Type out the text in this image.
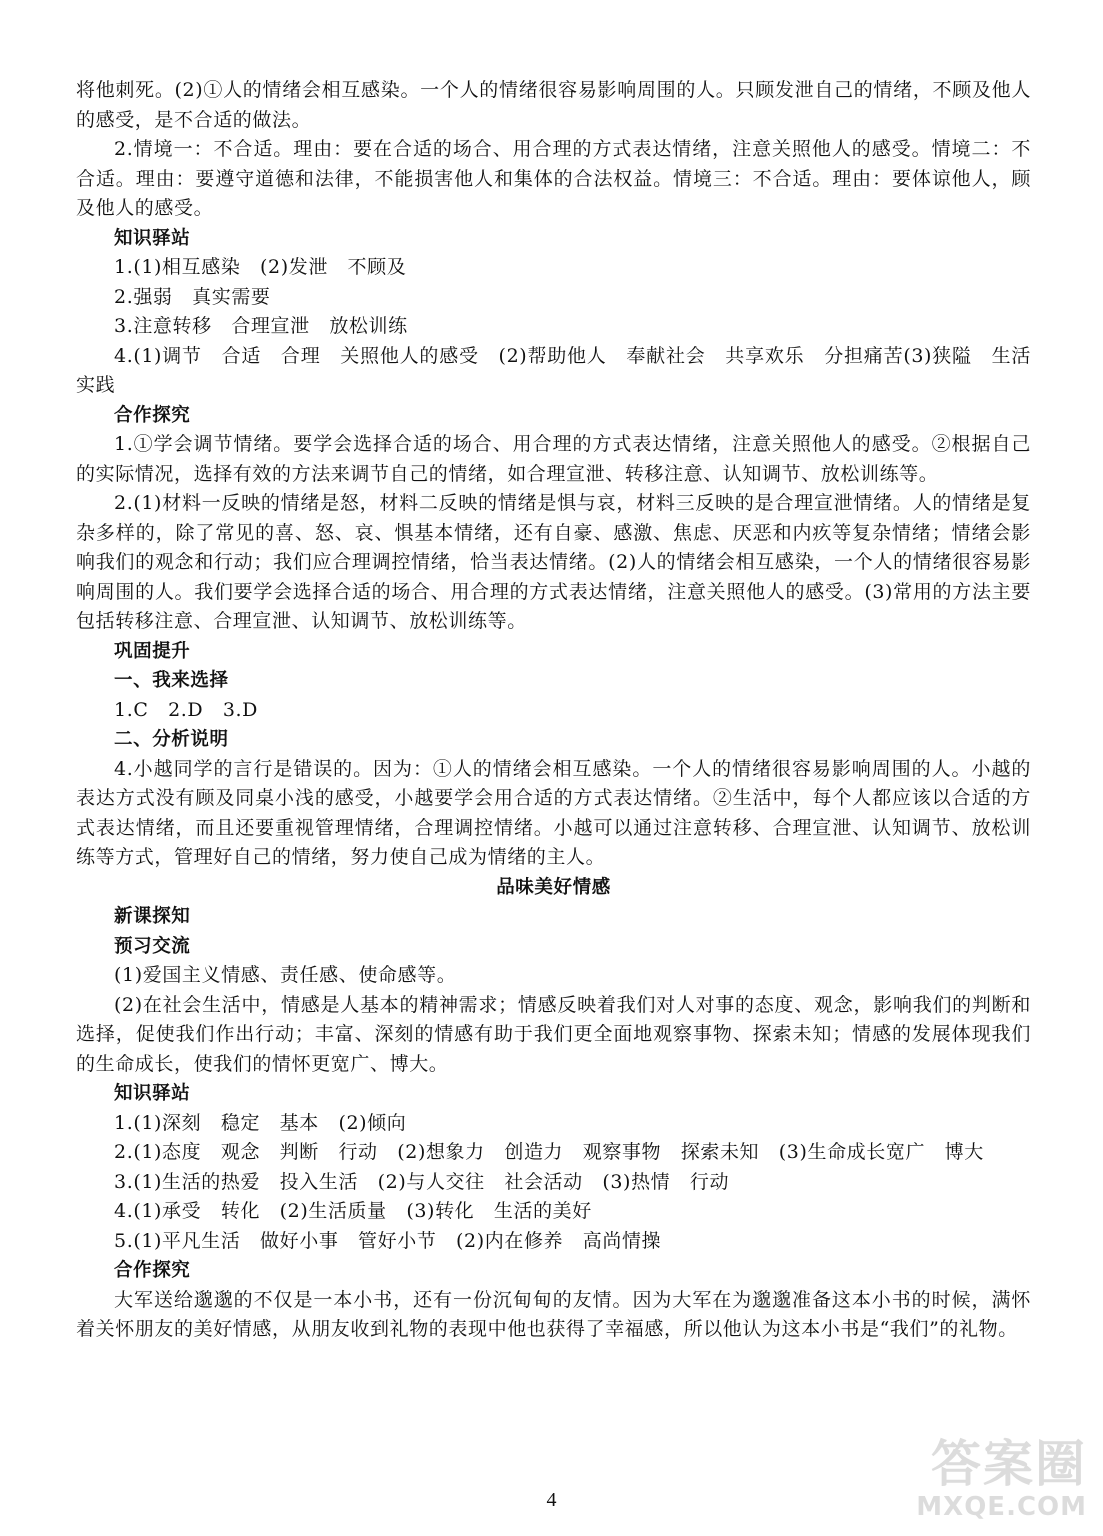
将他刺死。(2)①人的情绪会相互感染。一个人的情绪很容易影响周围的人。只顾发泄自己的情绪，不顾及他人的感受，是不合适的做法。

2.情境一：不合适。理由：要在合适的场合、用合理的方式表达情绪，注意关照他人的感受。情境二：不合适。理由：要遵守道德和法律，不能损害他人和集体的合法权益。情境三：不合适。理由：要体谅他人，顾及他人的感受。

知识驿站

1.(1)相互感染　(2)发泄　不顾及

2.强弱　真实需要

3.注意转移　合理宣泄　放松训练

4.(1)调节　合适　合理　关照他人的感受　(2)帮助他人　奉献社会　共享欢乐　分担痛苦(3)狭隘　生活实践

合作探究

1.①学会调节情绪。要学会选择合适的场合、用合理的方式表达情绪，注意关照他人的感受。②根据自己的实际情况，选择有效的方法来调节自己的情绪，如合理宣泄、转移注意、认知调节、放松训练等。

2.(1)材料一反映的情绪是怒，材料二反映的情绪是惧与哀，材料三反映的是合理宣泄情绪。人的情绪是复杂多样的，除了常见的喜、怒、哀、惧基本情绪，还有自豪、感激、焦虑、厌恶和内疚等复杂情绪；情绪会影响我们的观念和行动；我们应合理调控情绪，恰当表达情绪。(2)人的情绪会相互感染，一个人的情绪很容易影响周围的人。我们要学会选择合适的场合、用合理的方式表达情绪，注意关照他人的感受。(3)常用的方法主要包括转移注意、合理宣泄、认知调节、放松训练等。

巩固提升

一、我来选择

1.C　2.D　3.D

二、分析说明

4.小越同学的言行是错误的。因为：①人的情绪会相互感染。一个人的情绪很容易影响周围的人。小越的表达方式没有顾及同桌小浅的感受，小越要学会用合适的方式表达情绪。②生活中，每个人都应该以合适的方式表达情绪，而且还要重视管理情绪，合理调控情绪。小越可以通过注意转移、合理宣泄、认知调节、放松训练等方式，管理好自己的情绪，努力使自己成为情绪的主人。

品味美好情感

新课探知

预习交流

(1)爱国主义情感、责任感、使命感等。

(2)在社会生活中，情感是人基本的精神需求；情感反映着我们对人对事的态度、观念，影响我们的判断和选择，促使我们作出行动；丰富、深刻的情感有助于我们更全面地观察事物、探索未知；情感的发展体现我们的生命成长，使我们的情怀更宽广、博大。

知识驿站

1.(1)深刻　稳定　基本　(2)倾向

2.(1)态度　观念　判断　行动　(2)想象力　创造力　观察事物　探索未知　(3)生命成长宽广　博大

3.(1)生活的热爱　投入生活　(2)与人交往　社会活动　(3)热情　行动

4.(1)承受　转化　(2)生活质量　(3)转化　生活的美好

5.(1)平凡生活　做好小事　管好小节　(2)内在修养　高尚情操

合作探究

大军送给邈邈的不仅是一本小书，还有一份沉甸甸的友情。因为大军在为邈邈准备这本小书的时候，满怀着关怀朋友的美好情感，从朋友收到礼物的表现中他也获得了幸福感，所以他认为这本小书是“我们”的礼物。

4
答案圈
MXQE.COM
